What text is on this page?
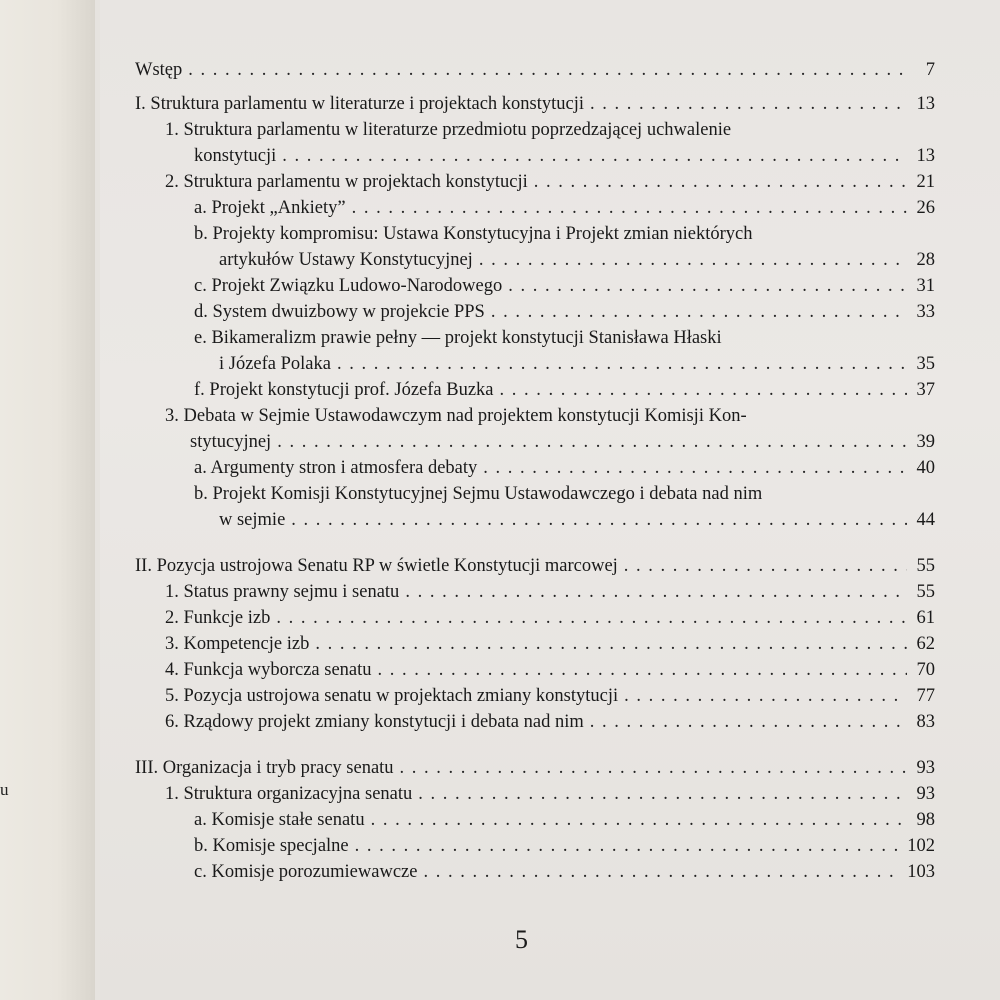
u
Wstęp . . .	7
I. Struktura parlamentu w literaturze i projektach konstytucji . . .	13
1. Struktura parlamentu w literaturze przedmiotu poprzedzającej uchwalenie
konstytucji . . .	13
2. Struktura parlamentu w projektach konstytucji . . .	21
a. Projekt „Ankiety” . . .	26
b. Projekty kompromisu: Ustawa Konstytucyjna i Projekt zmian niektórych
artykułów Ustawy Konstytucyjnej . . .	28
c. Projekt Związku Ludowo-Narodowego . . .	31
d. System dwuizbowy w projekcie PPS . . .	33
e. Bikameralizm prawie pełny — projekt konstytucji Stanisława Hłaski
i Józefa Polaka . . .	35
f. Projekt konstytucji prof. Józefa Buzka . . .	37
3. Debata w Sejmie Ustawodawczym nad projektem konstytucji Komisji Kon-
stytucyjnej . . .	39
a. Argumenty stron i atmosfera debaty . . .	40
b. Projekt Komisji Konstytucyjnej Sejmu Ustawodawczego i debata nad nim
w sejmie . . .	44
II. Pozycja ustrojowa Senatu RP w świetle Konstytucji marcowej . . .	55
1. Status prawny sejmu i senatu . . .	55
2. Funkcje izb . . .	61
3. Kompetencje izb . . .	62
4. Funkcja wyborcza senatu . . .	70
5. Pozycja ustrojowa senatu w projektach zmiany konstytucji . . .	77
6. Rządowy projekt zmiany konstytucji i debata nad nim . . .	83
III. Organizacja i tryb pracy senatu . . .	93
1. Struktura organizacyjna senatu . . .	93
a. Komisje stałe senatu . . .	98
b. Komisje specjalne . . .	102
c. Komisje porozumiewawcze . . .	103
5
